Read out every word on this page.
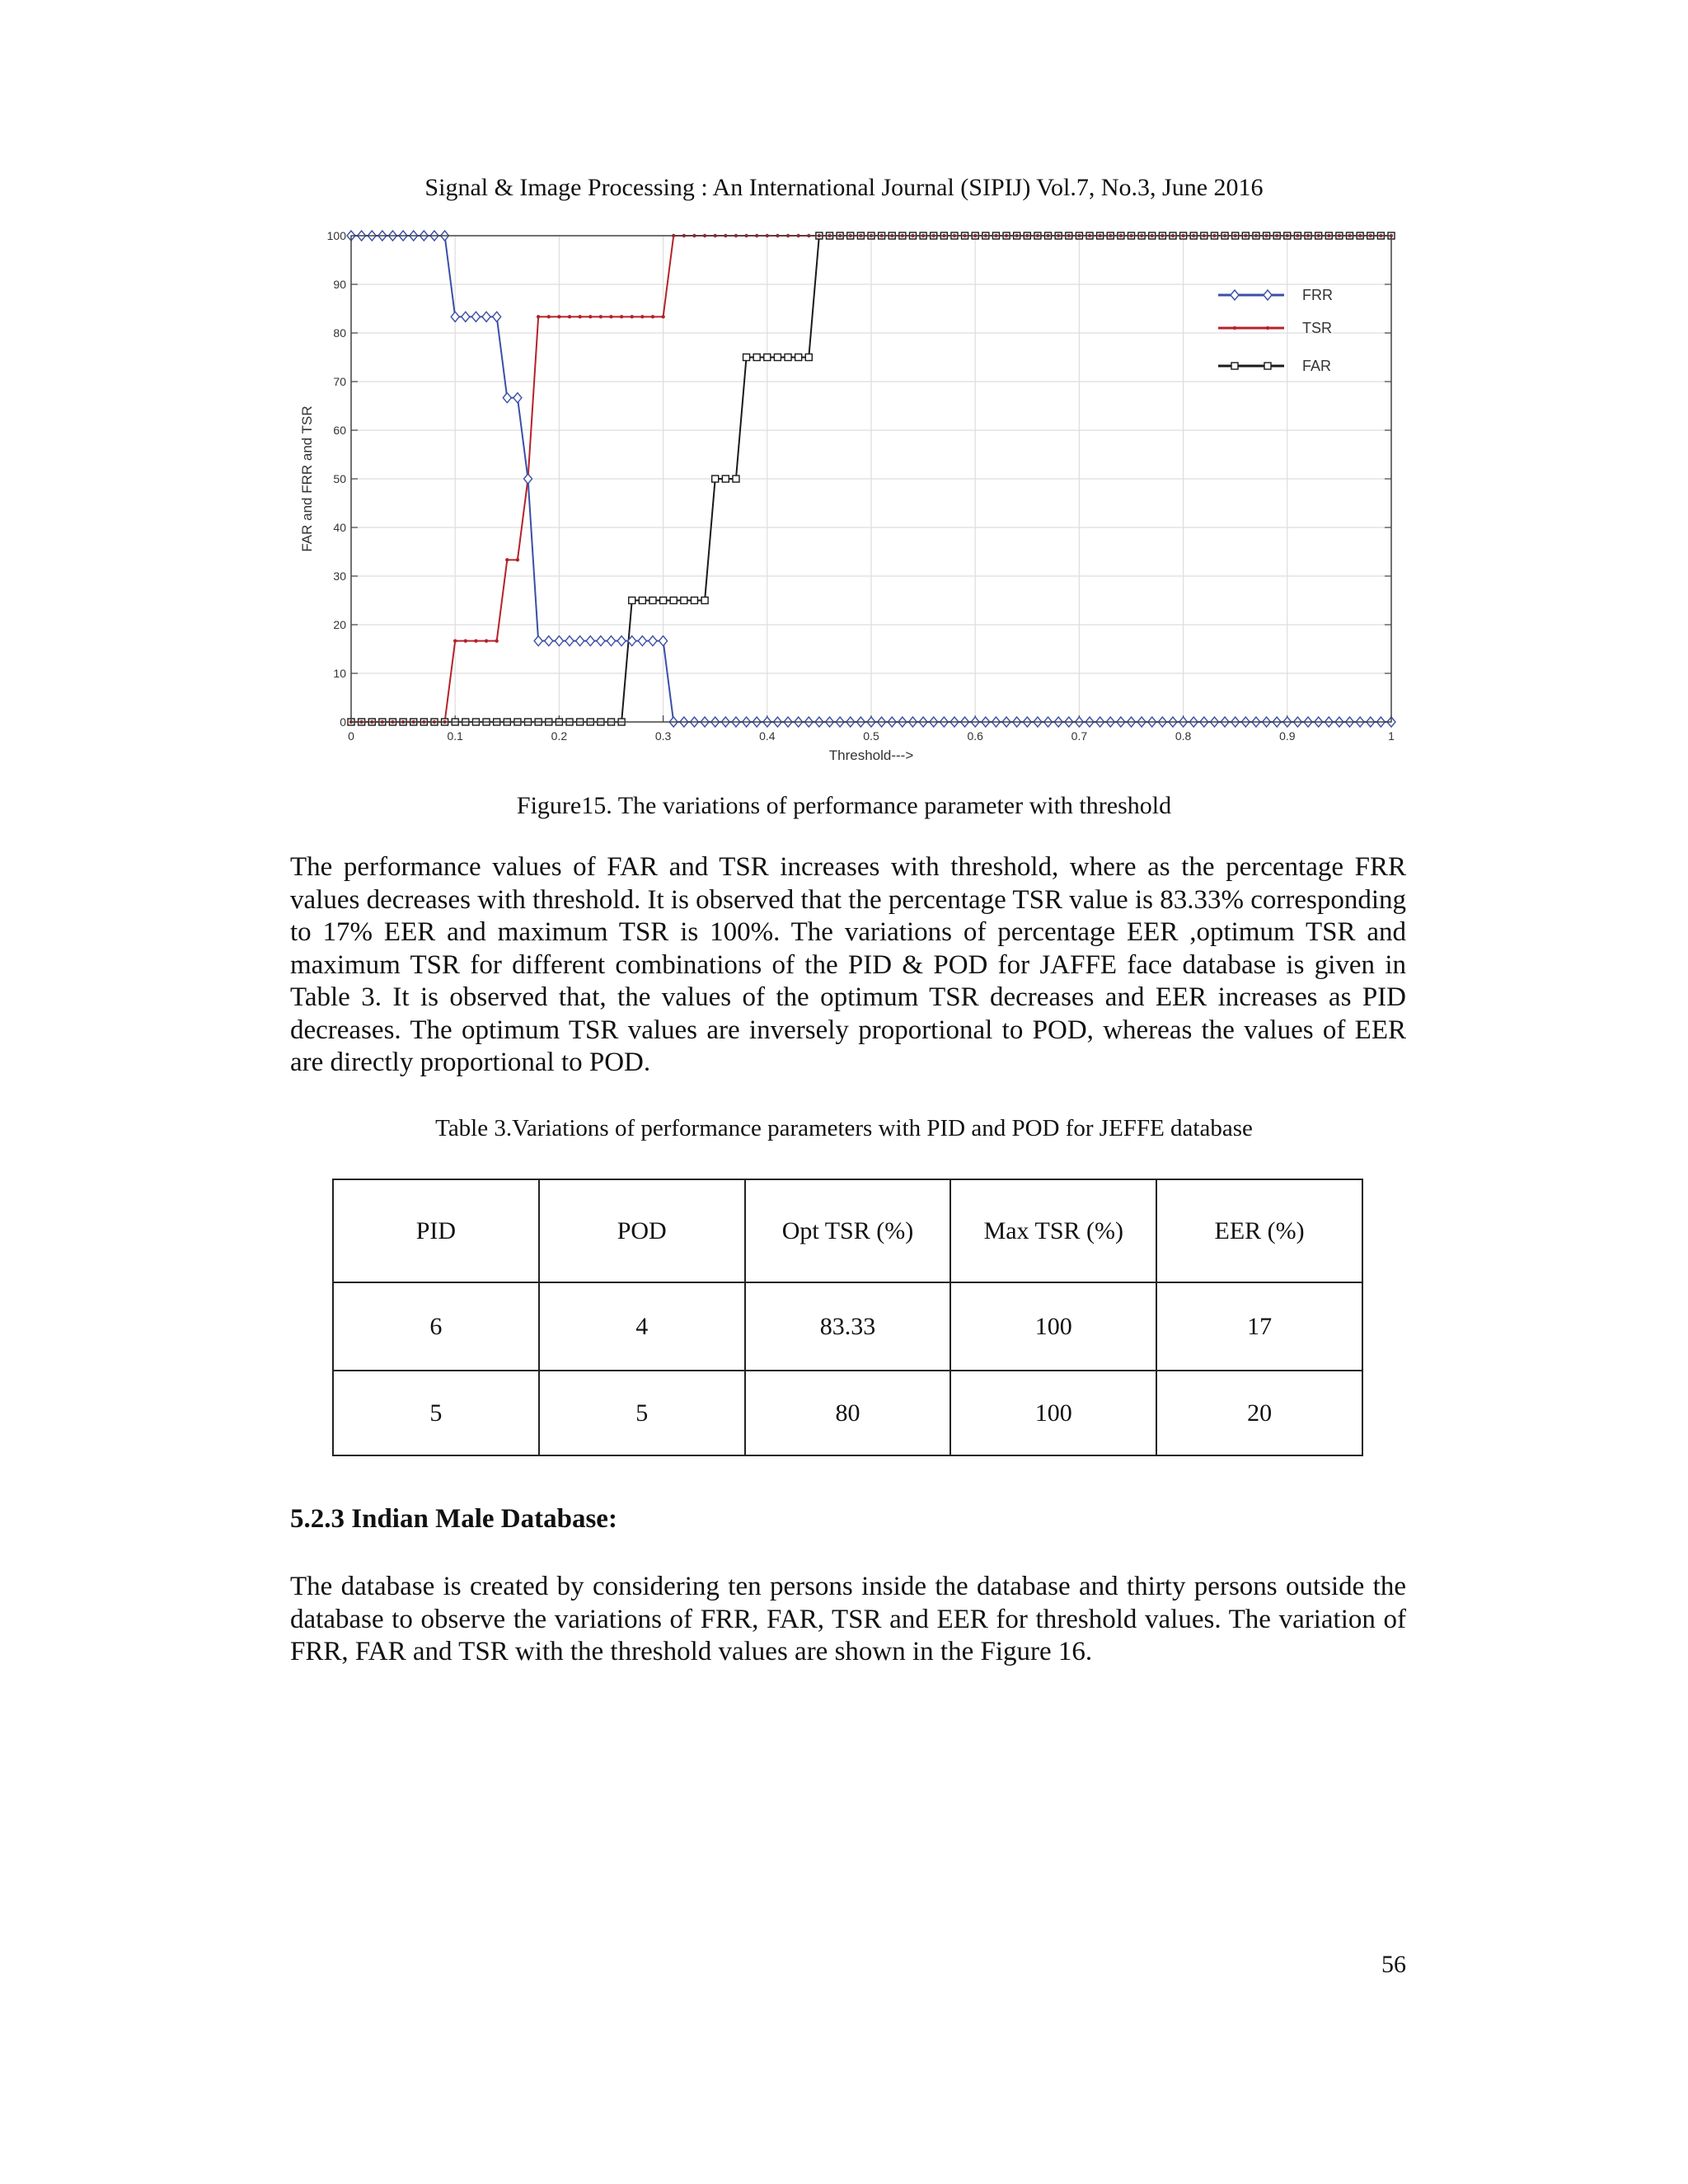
Signal & Image Processing : An International Journal (SIPIJ) Vol.7, No.3, June 2016
0	0.1	0.2	0.3	0.4	0.5	0.6	0.7	0.8	0.9	1
0
10
20
30
40
50
60
70
80
90
100
FRR
TSR
FAR
Threshold--->
FAR and FRR and TSR
Figure15. The variations of performance parameter with threshold

The performance values of FAR and TSR increases with threshold, where as the percentage FRR values decreases with threshold. It is observed that the percentage TSR value is 83.33% corresponding to 17% EER and maximum TSR is 100%. The variations of percentage EER ,optimum TSR and maximum TSR for different combinations of the PID & POD for JAFFE face database is given in Table 3. It is observed that, the values of the optimum TSR decreases and EER increases as PID decreases. The optimum TSR values are inversely proportional to POD, whereas the values of EER are directly proportional to POD.

Table 3.Variations of performance parameters with PID and POD for JEFFE database
PID	POD	Opt TSR (%)	Max TSR (%)	EER (%)
6	4	83.33	100	17
5	5	80	100	20
5.2.3 Indian Male Database:

The database is created by considering ten persons inside the database and thirty persons outside the database to observe the variations of FRR, FAR, TSR and EER for threshold values. The variation of FRR, FAR and TSR with the threshold values are shown in the Figure 16.

56
